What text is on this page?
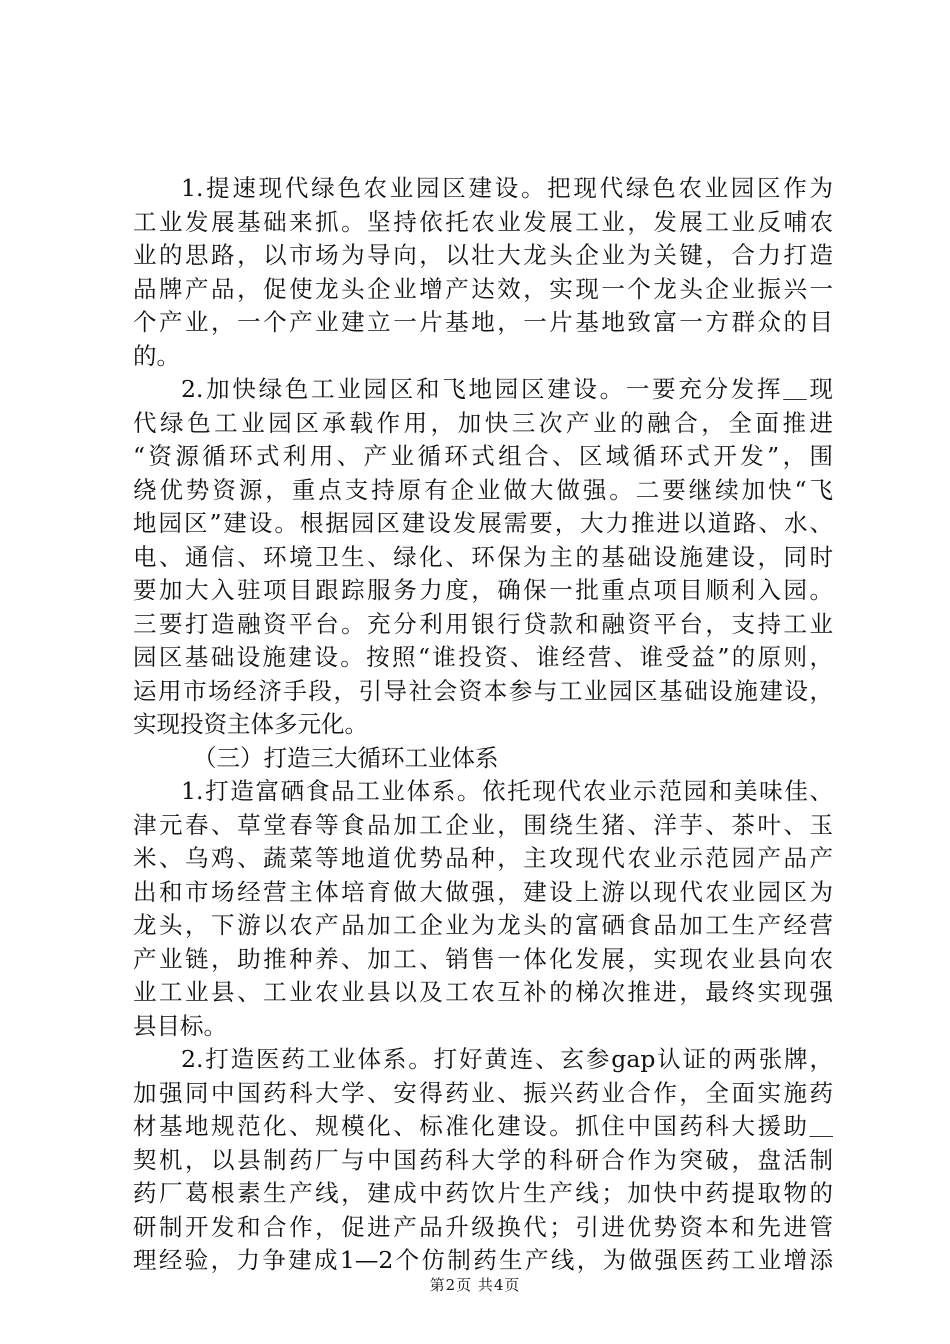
1.提速现代绿色农业园区建设。把现代绿色农业园区作为
工业发展基础来抓。坚持依托农业发展工业，发展工业反哺农
业的思路，以市场为导向，以壮大龙头企业为关键，合力打造
品牌产品，促使龙头企业增产达效，实现一个龙头企业振兴一
个产业，一个产业建立一片基地，一片基地致富一方群众的目
的。
2.加快绿色工业园区和飞地园区建设。一要充分发挥＿现
代绿色工业园区承载作用，加快三次产业的融合，全面推进
“资源循环式利用、产业循环式组合、区域循环式开发”，围
绕优势资源，重点支持原有企业做大做强。二要继续加快“飞
地园区”建设。根据园区建设发展需要，大力推进以道路、水、
电、通信、环境卫生、绿化、环保为主的基础设施建设，同时
要加大入驻项目跟踪服务力度，确保一批重点项目顺利入园。
三要打造融资平台。充分利用银行贷款和融资平台，支持工业
园区基础设施建设。按照“谁投资、谁经营、谁受益”的原则，
运用市场经济手段，引导社会资本参与工业园区基础设施建设，
实现投资主体多元化。
（三）打造三大循环工业体系
1.打造富硒食品工业体系。依托现代农业示范园和美味佳、
津元春、草堂春等食品加工企业，围绕生猪、洋芋、茶叶、玉
米、乌鸡、蔬菜等地道优势品种，主攻现代农业示范园产品产
出和市场经营主体培育做大做强，建设上游以现代农业园区为
龙头，下游以农产品加工企业为龙头的富硒食品加工生产经营
产业链，助推种养、加工、销售一体化发展，实现农业县向农
业工业县、工业农业县以及工农互补的梯次推进，最终实现强
县目标。
2.打造医药工业体系。打好黄连、玄参gap认证的两张牌，
加强同中国药科大学、安得药业、振兴药业合作，全面实施药
材基地规范化、规模化、标准化建设。抓住中国药科大援助＿
契机，以县制药厂与中国药科大学的科研合作为突破，盘活制
药厂葛根素生产线，建成中药饮片生产线；加快中药提取物的
研制开发和合作，促进产品升级换代；引进优势资本和先进管
理经验，力争建成1—2个仿制药生产线，为做强医药工业增添
第2页 共4页
